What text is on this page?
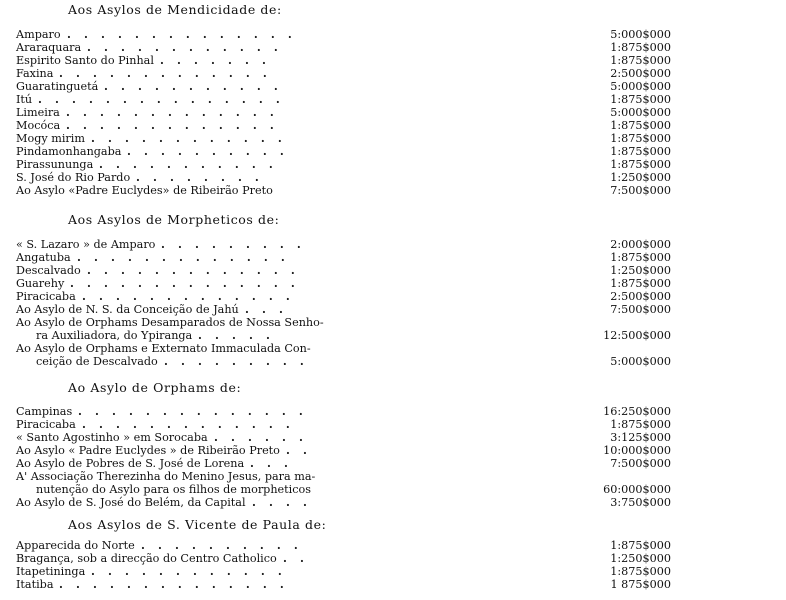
Aos Asylos de Mendicidade de:
Amparo . . . . . . . . . . . . . .	5:000$000
Araraquara . . . . . . . . . . . .	1:875$000
Espirito Santo do Pinhal . . . . . . .	1:875$000
Faxina . . . . . . . . . . . . .	2:500$000
Guaratinguetá . . . . . . . . . . .	5:000$000
Itú . . . . . . . . . . . . . . .	1:875$000
Limeira . . . . . . . . . . . . .	5:000$000
Mocóca . . . . . . . . . . . . .	1:875$000
Mogy mirim . . . . . . . . . . . .	1:875$000
Pindamonhangaba . . . . . . . . . .	1:875$000
Pirassununga . . . . . . . . . . .	1:875$000
S. José do Rio Pardo . . . . . . . .	1:250$000
Ao Asylo «Padre Euclydes» de Ribeirão Preto	7:500$000
Aos Asylos de Morpheticos de:
« S. Lazaro » de Amparo . . . . . . . . .	2:000$000
Angatuba . . . . . . . . . . . . .	1:875$000
Descalvado . . . . . . . . . . . . .	1:250$000
Guarehy . . . . . . . . . . . . . .	1:875$000
Piracicaba . . . . . . . . . . . . .	2:500$000
Ao Asylo de N. S. da Conceição de Jahú . . .	7:500$000
Ao Asylo de Orphams Desamparados de Nossa Senho-
ra Auxiliadora, do Ypiranga . . . . .	12:500$000
Ao Asylo de Orphams e Externato Immaculada Con-
ceição de Descalvado . . . . . . . . .	5:000$000
Ao Asylo de Orphams de:
Campinas . . . . . . . . . . . . . .	16:250$000
Piracicaba . . . . . . . . . . . . .	1:875$000
« Santo Agostinho » em Sorocaba . . . . . .	3:125$000
Ao Asylo « Padre Euclydes » de Ribeirão Preto . .	10:000$000
Ao Asylo de Pobres de S. José de Lorena . . .	7:500$000
A' Associação Therezinha do Menino Jesus, para ma-
nutenção do Asylo para os filhos de morpheticos	60:000$000
Ao Asylo de S. José do Belém, da Capital . . . .	3:750$000
Aos Asylos de S. Vicente de Paula de:
Apparecida do Norte . . . . . . . . . .	1:875$000
Bragança, sob a direcção do Centro Catholico . .	1:250$000
Itapetininga . . . . . . . . . . . .	1:875$000
Itatiba . . . . . . . . . . . . . .	1 875$000
